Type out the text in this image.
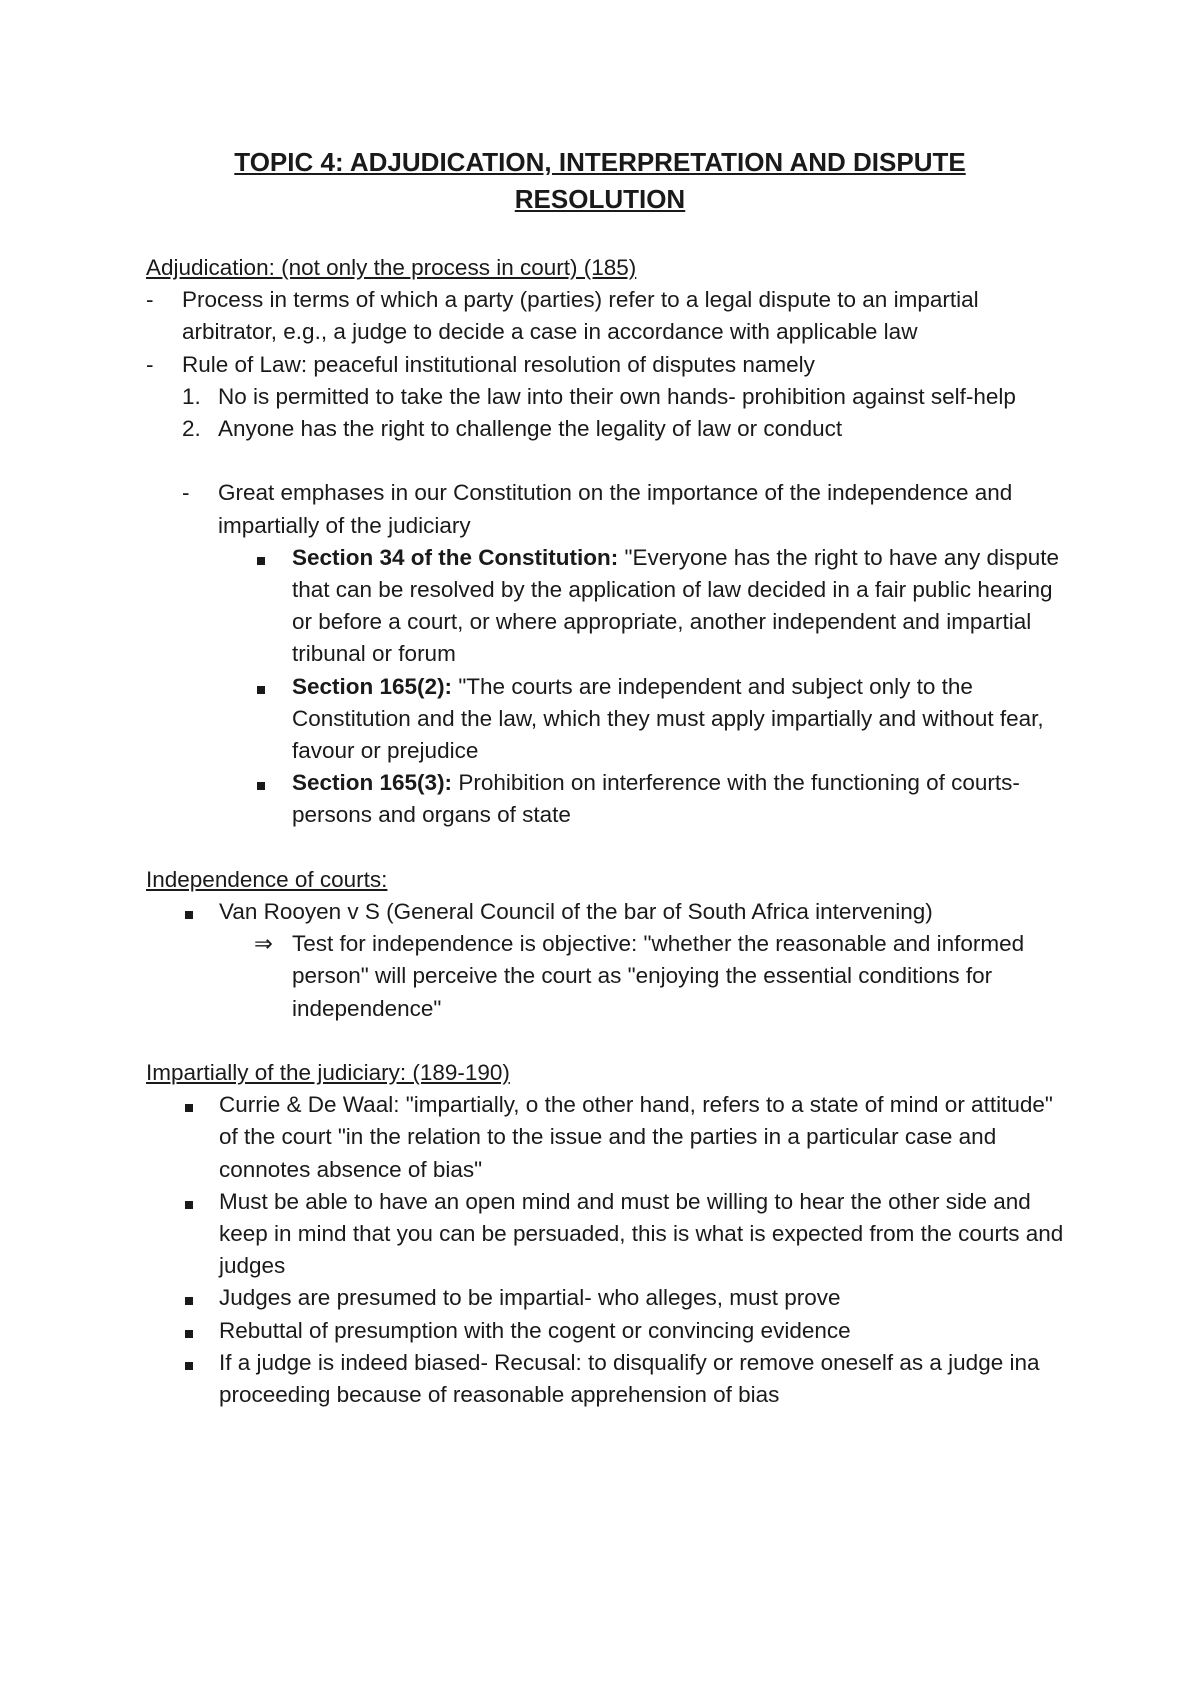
TOPIC 4: ADJUDICATION, INTERPRETATION AND DISPUTE
RESOLUTION
Adjudication: (not only the process in court) (185)
- Process in terms of which a party (parties) refer to a legal dispute to an impartial arbitrator, e.g., a judge to decide a case in accordance with applicable law
- Rule of Law: peaceful institutional resolution of disputes namely
1. No is permitted to take the law into their own hands- prohibition against self-help
2. Anyone has the right to challenge the legality of law or conduct
- Great emphases in our Constitution on the importance of the independence and impartially of the judiciary
Section 34 of the Constitution: "Everyone has the right to have any dispute that can be resolved by the application of law decided in a fair public hearing or before a court, or where appropriate, another independent and impartial tribunal or forum
Section 165(2): "The courts are independent and subject only to the Constitution and the law, which they must apply impartially and without fear, favour or prejudice
Section 165(3): Prohibition on interference with the functioning of courts- persons and organs of state
Independence of courts:
Van Rooyen v S (General Council of the bar of South Africa intervening)
⇒ Test for independence is objective: "whether the reasonable and informed person" will perceive the court as "enjoying the essential conditions for independence"
Impartially of the judiciary: (189-190)
Currie & De Waal: "impartially, o the other hand, refers to a state of mind or attitude" of the court "in the relation to the issue and the parties in a particular case and connotes absence of bias"
Must be able to have an open mind and must be willing to hear the other side and keep in mind that you can be persuaded, this is what is expected from the courts and judges
Judges are presumed to be impartial- who alleges, must prove
Rebuttal of presumption with the cogent or convincing evidence
If a judge is indeed biased- Recusal: to disqualify or remove oneself as a judge ina proceeding because of reasonable apprehension of bias
